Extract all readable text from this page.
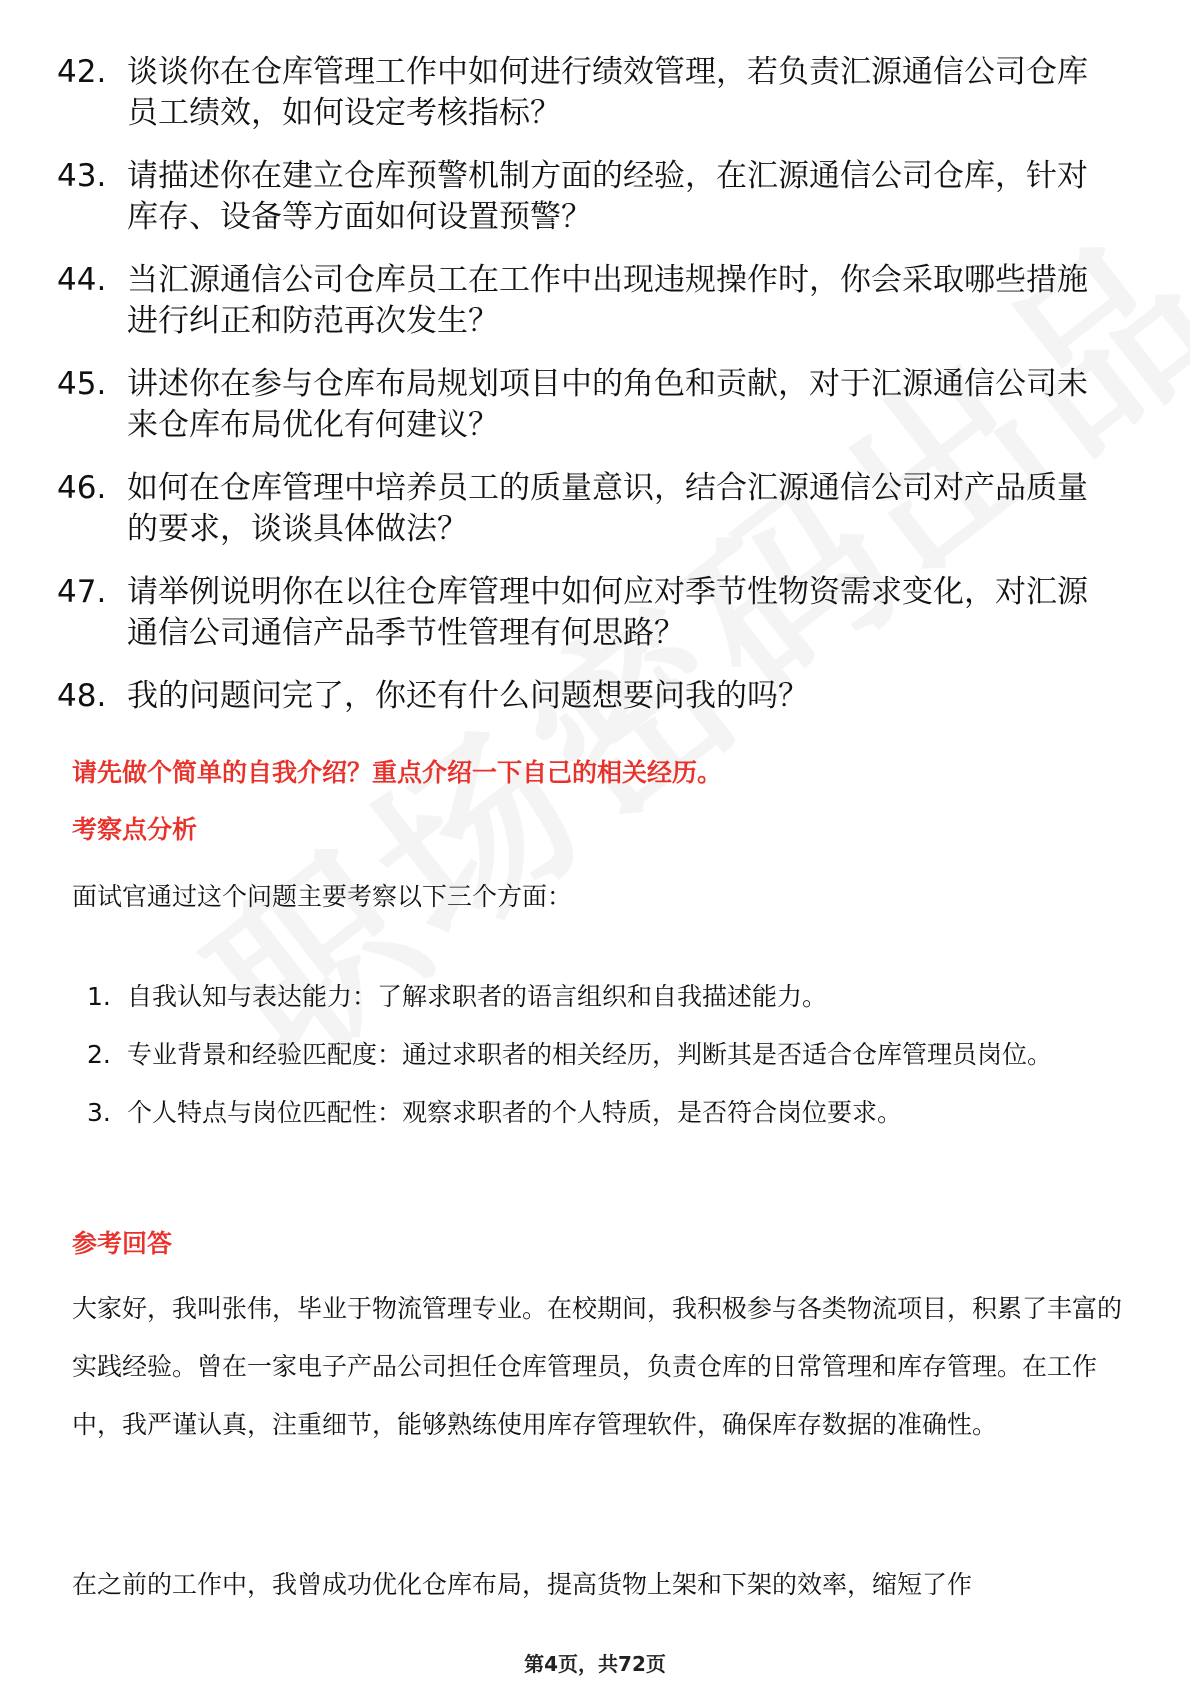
42. 谈谈你在仓库管理工作中如何进行绩效管理，若负责汇源通信公司仓库员工绩效，如何设定考核指标？
43. 请描述你在建立仓库预警机制方面的经验，在汇源通信公司仓库，针对库存、设备等方面如何设置预警？
44. 当汇源通信公司仓库员工在工作中出现违规操作时，你会采取哪些措施进行纠正和防范再次发生？
45. 讲述你在参与仓库布局规划项目中的角色和贡献，对于汇源通信公司未来仓库布局优化有何建议？
46. 如何在仓库管理中培养员工的质量意识，结合汇源通信公司对产品质量的要求，谈谈具体做法？
47. 请举例说明你在以往仓库管理中如何应对季节性物资需求变化，对汇源通信公司通信产品季节性管理有何思路？
48. 我的问题问完了，你还有什么问题想要问我的吗？
请先做个简单的自我介绍？重点介绍一下自己的相关经历。
考察点分析
面试官通过这个问题主要考察以下三个方面：
1. 自我认知与表达能力：了解求职者的语言组织和自我描述能力。
2. 专业背景和经验匹配度：通过求职者的相关经历，判断其是否适合仓库管理员岗位。
3. 个人特点与岗位匹配性：观察求职者的个人特质，是否符合岗位要求。
参考回答
大家好，我叫张伟，毕业于物流管理专业。在校期间，我积极参与各类物流项目，积累了丰富的实践经验。曾在一家电子产品公司担任仓库管理员，负责仓库的日常管理和库存管理。在工作中，我严谨认真，注重细节，能够熟练使用库存管理软件，确保库存数据的准确性。
在之前的工作中，我曾成功优化仓库布局，提高货物上架和下架的效率，缩短了作
第4页，共72页
